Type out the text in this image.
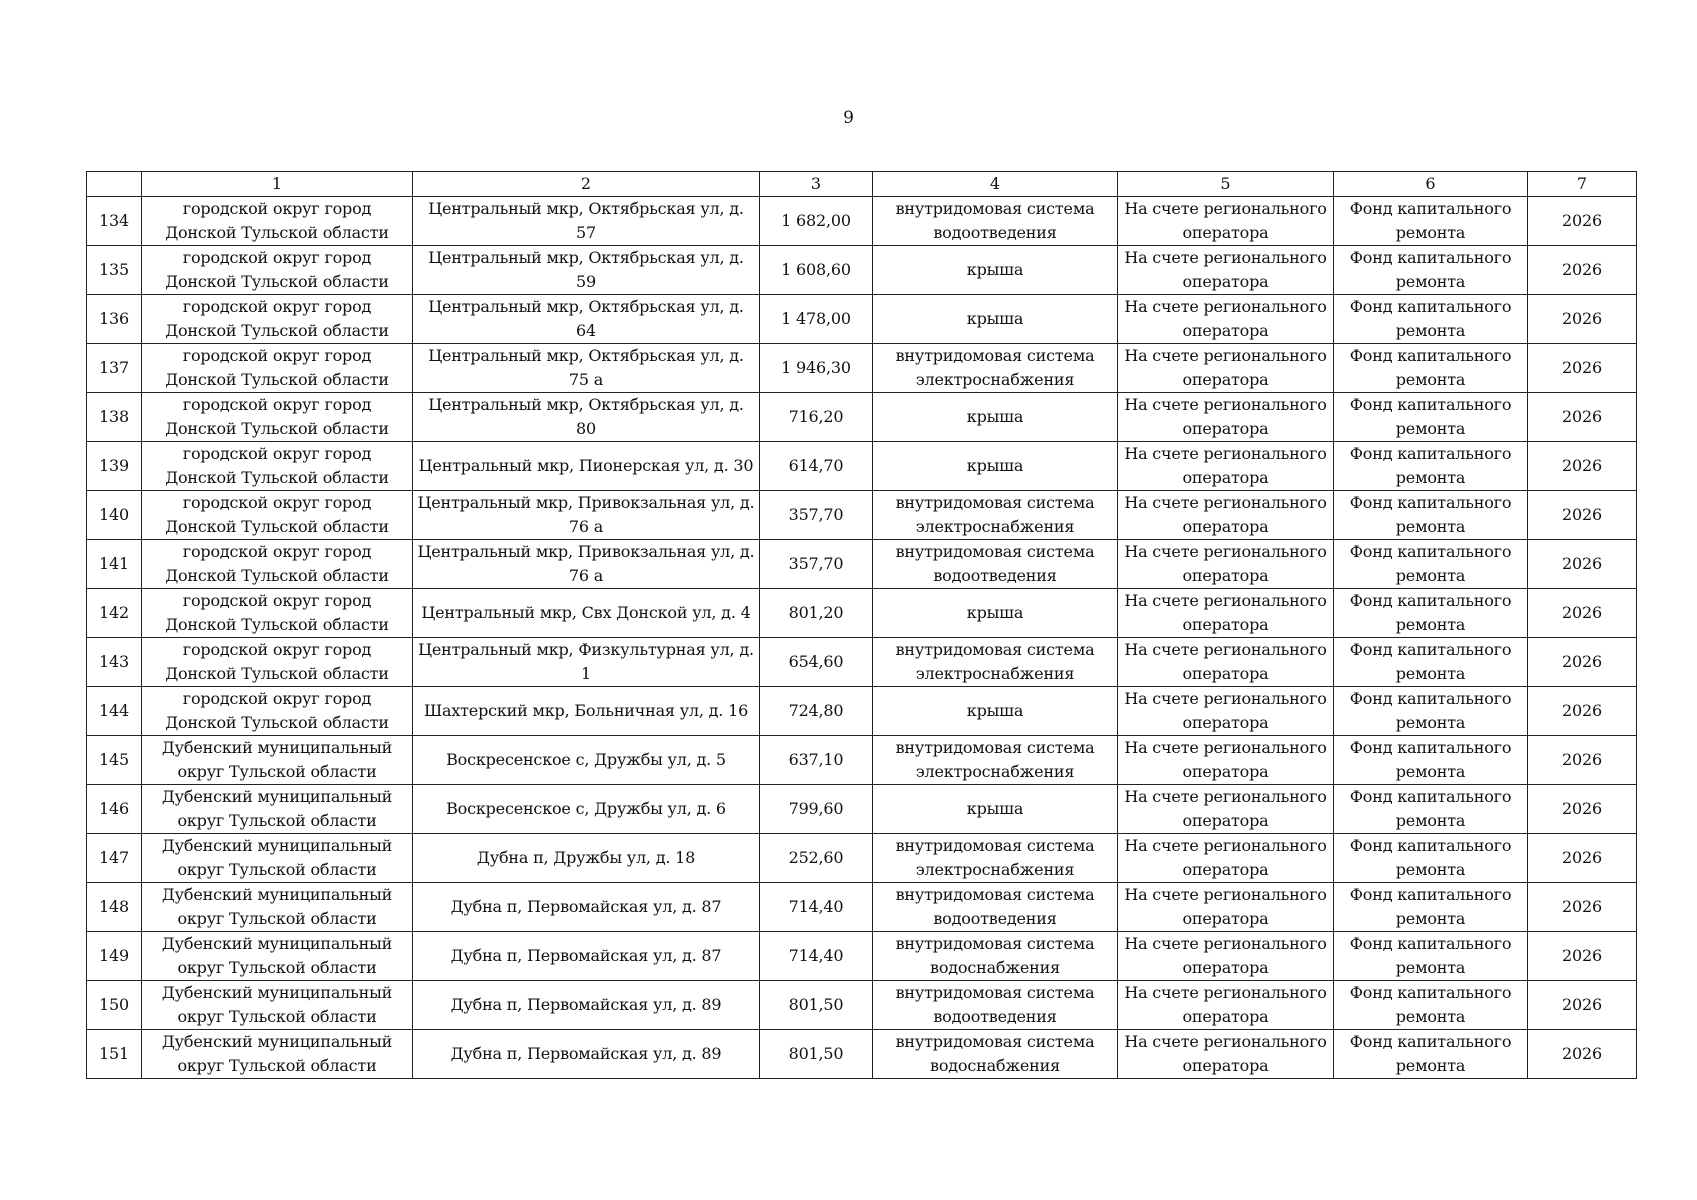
9
	1	2	3	4	5	6	7
134	городской округ город Донской Тульской области	Центральный мкр, Октябрьская ул, д. 57	1 682,00	внутридомовая система водоотведения	На счете регионального оператора	Фонд капитального ремонта	2026
135	городской округ город Донской Тульской области	Центральный мкр, Октябрьская ул, д. 59	1 608,60	крыша	На счете регионального оператора	Фонд капитального ремонта	2026
136	городской округ город Донской Тульской области	Центральный мкр, Октябрьская ул, д. 64	1 478,00	крыша	На счете регионального оператора	Фонд капитального ремонта	2026
137	городской округ город Донской Тульской области	Центральный мкр, Октябрьская ул, д. 75 а	1 946,30	внутридомовая система электроснабжения	На счете регионального оператора	Фонд капитального ремонта	2026
138	городской округ город Донской Тульской области	Центральный мкр, Октябрьская ул, д. 80	716,20	крыша	На счете регионального оператора	Фонд капитального ремонта	2026
139	городской округ город Донской Тульской области	Центральный мкр, Пионерская ул, д. 30	614,70	крыша	На счете регионального оператора	Фонд капитального ремонта	2026
140	городской округ город Донской Тульской области	Центральный мкр, Привокзальная ул, д. 76 а	357,70	внутридомовая система электроснабжения	На счете регионального оператора	Фонд капитального ремонта	2026
141	городской округ город Донской Тульской области	Центральный мкр, Привокзальная ул, д. 76 а	357,70	внутридомовая система водоотведения	На счете регионального оператора	Фонд капитального ремонта	2026
142	городской округ город Донской Тульской области	Центральный мкр, Свх Донской ул, д. 4	801,20	крыша	На счете регионального оператора	Фонд капитального ремонта	2026
143	городской округ город Донской Тульской области	Центральный мкр, Физкультурная ул, д. 1	654,60	внутридомовая система электроснабжения	На счете регионального оператора	Фонд капитального ремонта	2026
144	городской округ город Донской Тульской области	Шахтерский мкр, Больничная ул, д. 16	724,80	крыша	На счете регионального оператора	Фонд капитального ремонта	2026
145	Дубенский муниципальный округ Тульской области	Воскресенское с, Дружбы ул, д. 5	637,10	внутридомовая система электроснабжения	На счете регионального оператора	Фонд капитального ремонта	2026
146	Дубенский муниципальный округ Тульской области	Воскресенское с, Дружбы ул, д. 6	799,60	крыша	На счете регионального оператора	Фонд капитального ремонта	2026
147	Дубенский муниципальный округ Тульской области	Дубна п, Дружбы ул, д. 18	252,60	внутридомовая система электроснабжения	На счете регионального оператора	Фонд капитального ремонта	2026
148	Дубенский муниципальный округ Тульской области	Дубна п, Первомайская ул, д. 87	714,40	внутридомовая система водоотведения	На счете регионального оператора	Фонд капитального ремонта	2026
149	Дубенский муниципальный округ Тульской области	Дубна п, Первомайская ул, д. 87	714,40	внутридомовая система водоснабжения	На счете регионального оператора	Фонд капитального ремонта	2026
150	Дубенский муниципальный округ Тульской области	Дубна п, Первомайская ул, д. 89	801,50	внутридомовая система водоотведения	На счете регионального оператора	Фонд капитального ремонта	2026
151	Дубенский муниципальный округ Тульской области	Дубна п, Первомайская ул, д. 89	801,50	внутридомовая система водоснабжения	На счете регионального оператора	Фонд капитального ремонта	2026
